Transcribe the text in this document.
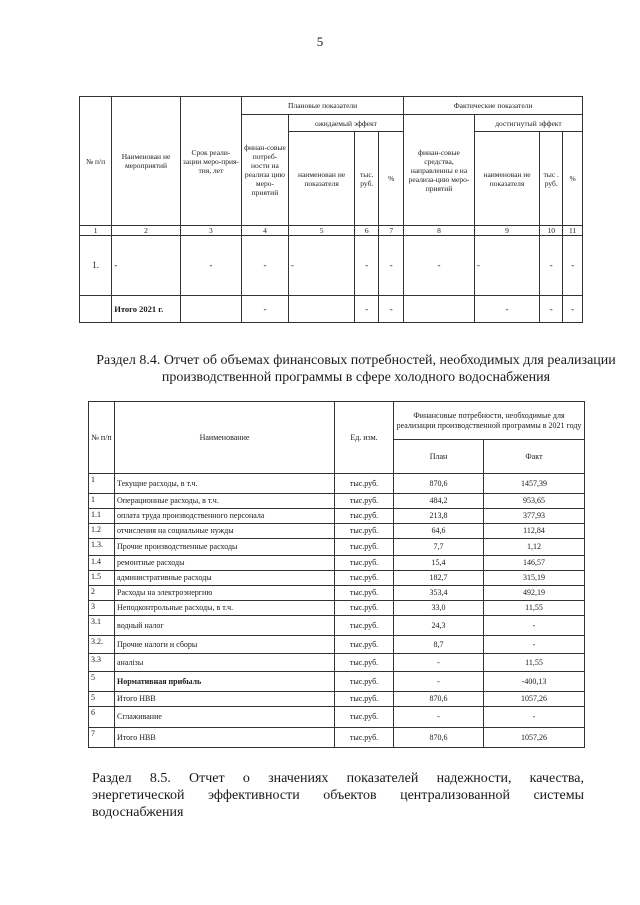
5
№ п/п	Наименован ие мероприятий	Срок реали-зации меро-прия-тия, лет	Плановые показатели				Фактические показатели			
			финан-совые потреб-ности на реализа цию меро-приятий	ожидаемый эффект			финан-совые средства, направленны е на реализа-цию меро-приятий	достигнутый эффект		
				наименован ие показателя	тыс. руб.	%		наименован ие показателя	тыс . руб.	%
1	2	3	4	5	6	7	8	9	10	11
1.	-	-	-	-	-	-	-	-	-	-
	Итого 2021 г.		-		-	-		-	-	-

Раздел 8.4. Отчет об объемах финансовых потребностей, необходимых для реализации производственной программы в сфере холодного водоснабжения

№ п/п	Наименование	Ед. изм.	Финансовые потребности, необходимые для реализации производственной программы в 2021 году	
			План	Факт
1	Текущие расходы, в т.ч.	тыс.руб.	870,6	1457,39
1	Операционные расходы, в т.ч.	тыс.руб.	484,2	953,65
1.1	оплата труда производственного персонала	тыс.руб.	213,8	377,93
1.2	отчисления на социальные нужды	тыс.руб.	64,6	112,84
1.3.	Прочие производственные расходы	тыс.руб.	7,7	1,12
1.4	ремонтные расходы	тыс.руб.	15,4	146,57
1.5	административные расходы	тыс.руб.	182,7	315,19
2	Расходы на электроэнергию	тыс.руб.	353,4	492,19
3	Неподконтрольные расходы, в т.ч.	тыс.руб.	33,0	11,55
3.1	водный налог	тыс.руб.	24,3	-
3.2.	Прочие налоги и сборы	тыс.руб.	8,7	-
3.3	аналізы	тыс.руб.	-	11,55
5	Нормативная прибыль	тыс.руб.	-	-400,13
5	Итого НВВ	тыс.руб.	870,6	1057,26
6	Сглаживание	тыс.руб.	-	-
7	Итого НВВ	тыс.руб.	870,6	1057,26

Раздел 8.5. Отчет о значениях показателей надежности, качества,
энергетической эффективности объектов централизованной системы
водоснабжения
